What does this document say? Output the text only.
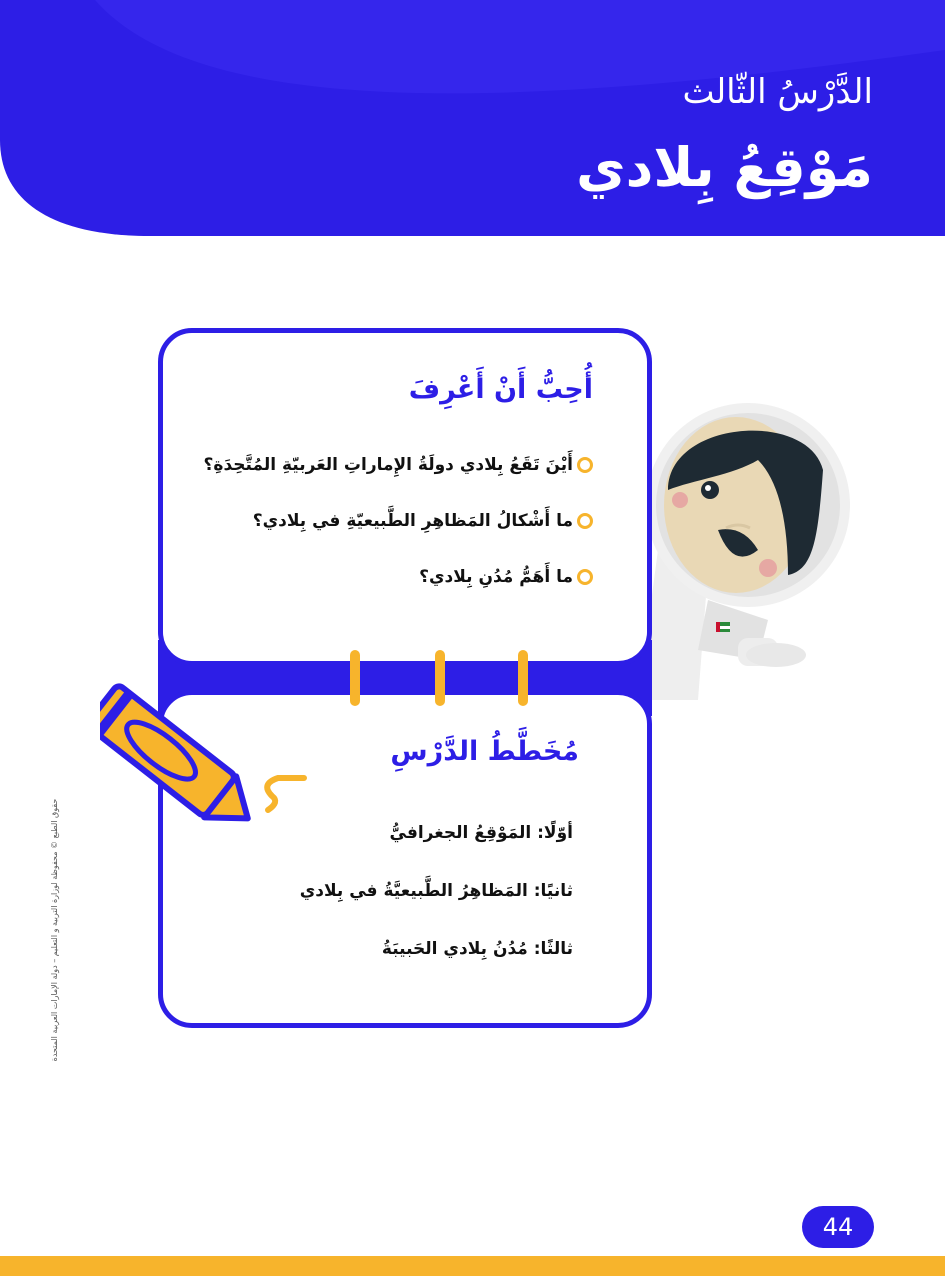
الدَّرْسُ الثّالث
مَوْقِعُ بِلادي
أُحِبُّ أَنْ أَعْرِفَ
أَيْنَ تَقَعُ بِلادي دولَةُ الإِماراتِ العَربيّةِ المُتَّحِدَةِ؟
ما أَشْكالُ المَظاهِرِ الطَّبيعيّةِ في بِلادي؟
ما أَهَمُّ مُدُنِ بِلادي؟
مُخَطَّطُ الدَّرْسِ
أوّلًا: المَوْقِعُ الجغرافيُّ
ثانيًا: المَظاهِرُ الطَّبيعيَّةُ في بِلادي
ثالثًا: مُدُنُ بِلادي الحَبيبَةُ
حقوق الطبع © محفوظة لوزارة التربية و التعليم – دولة الإمارات العربية المتحدة
44
